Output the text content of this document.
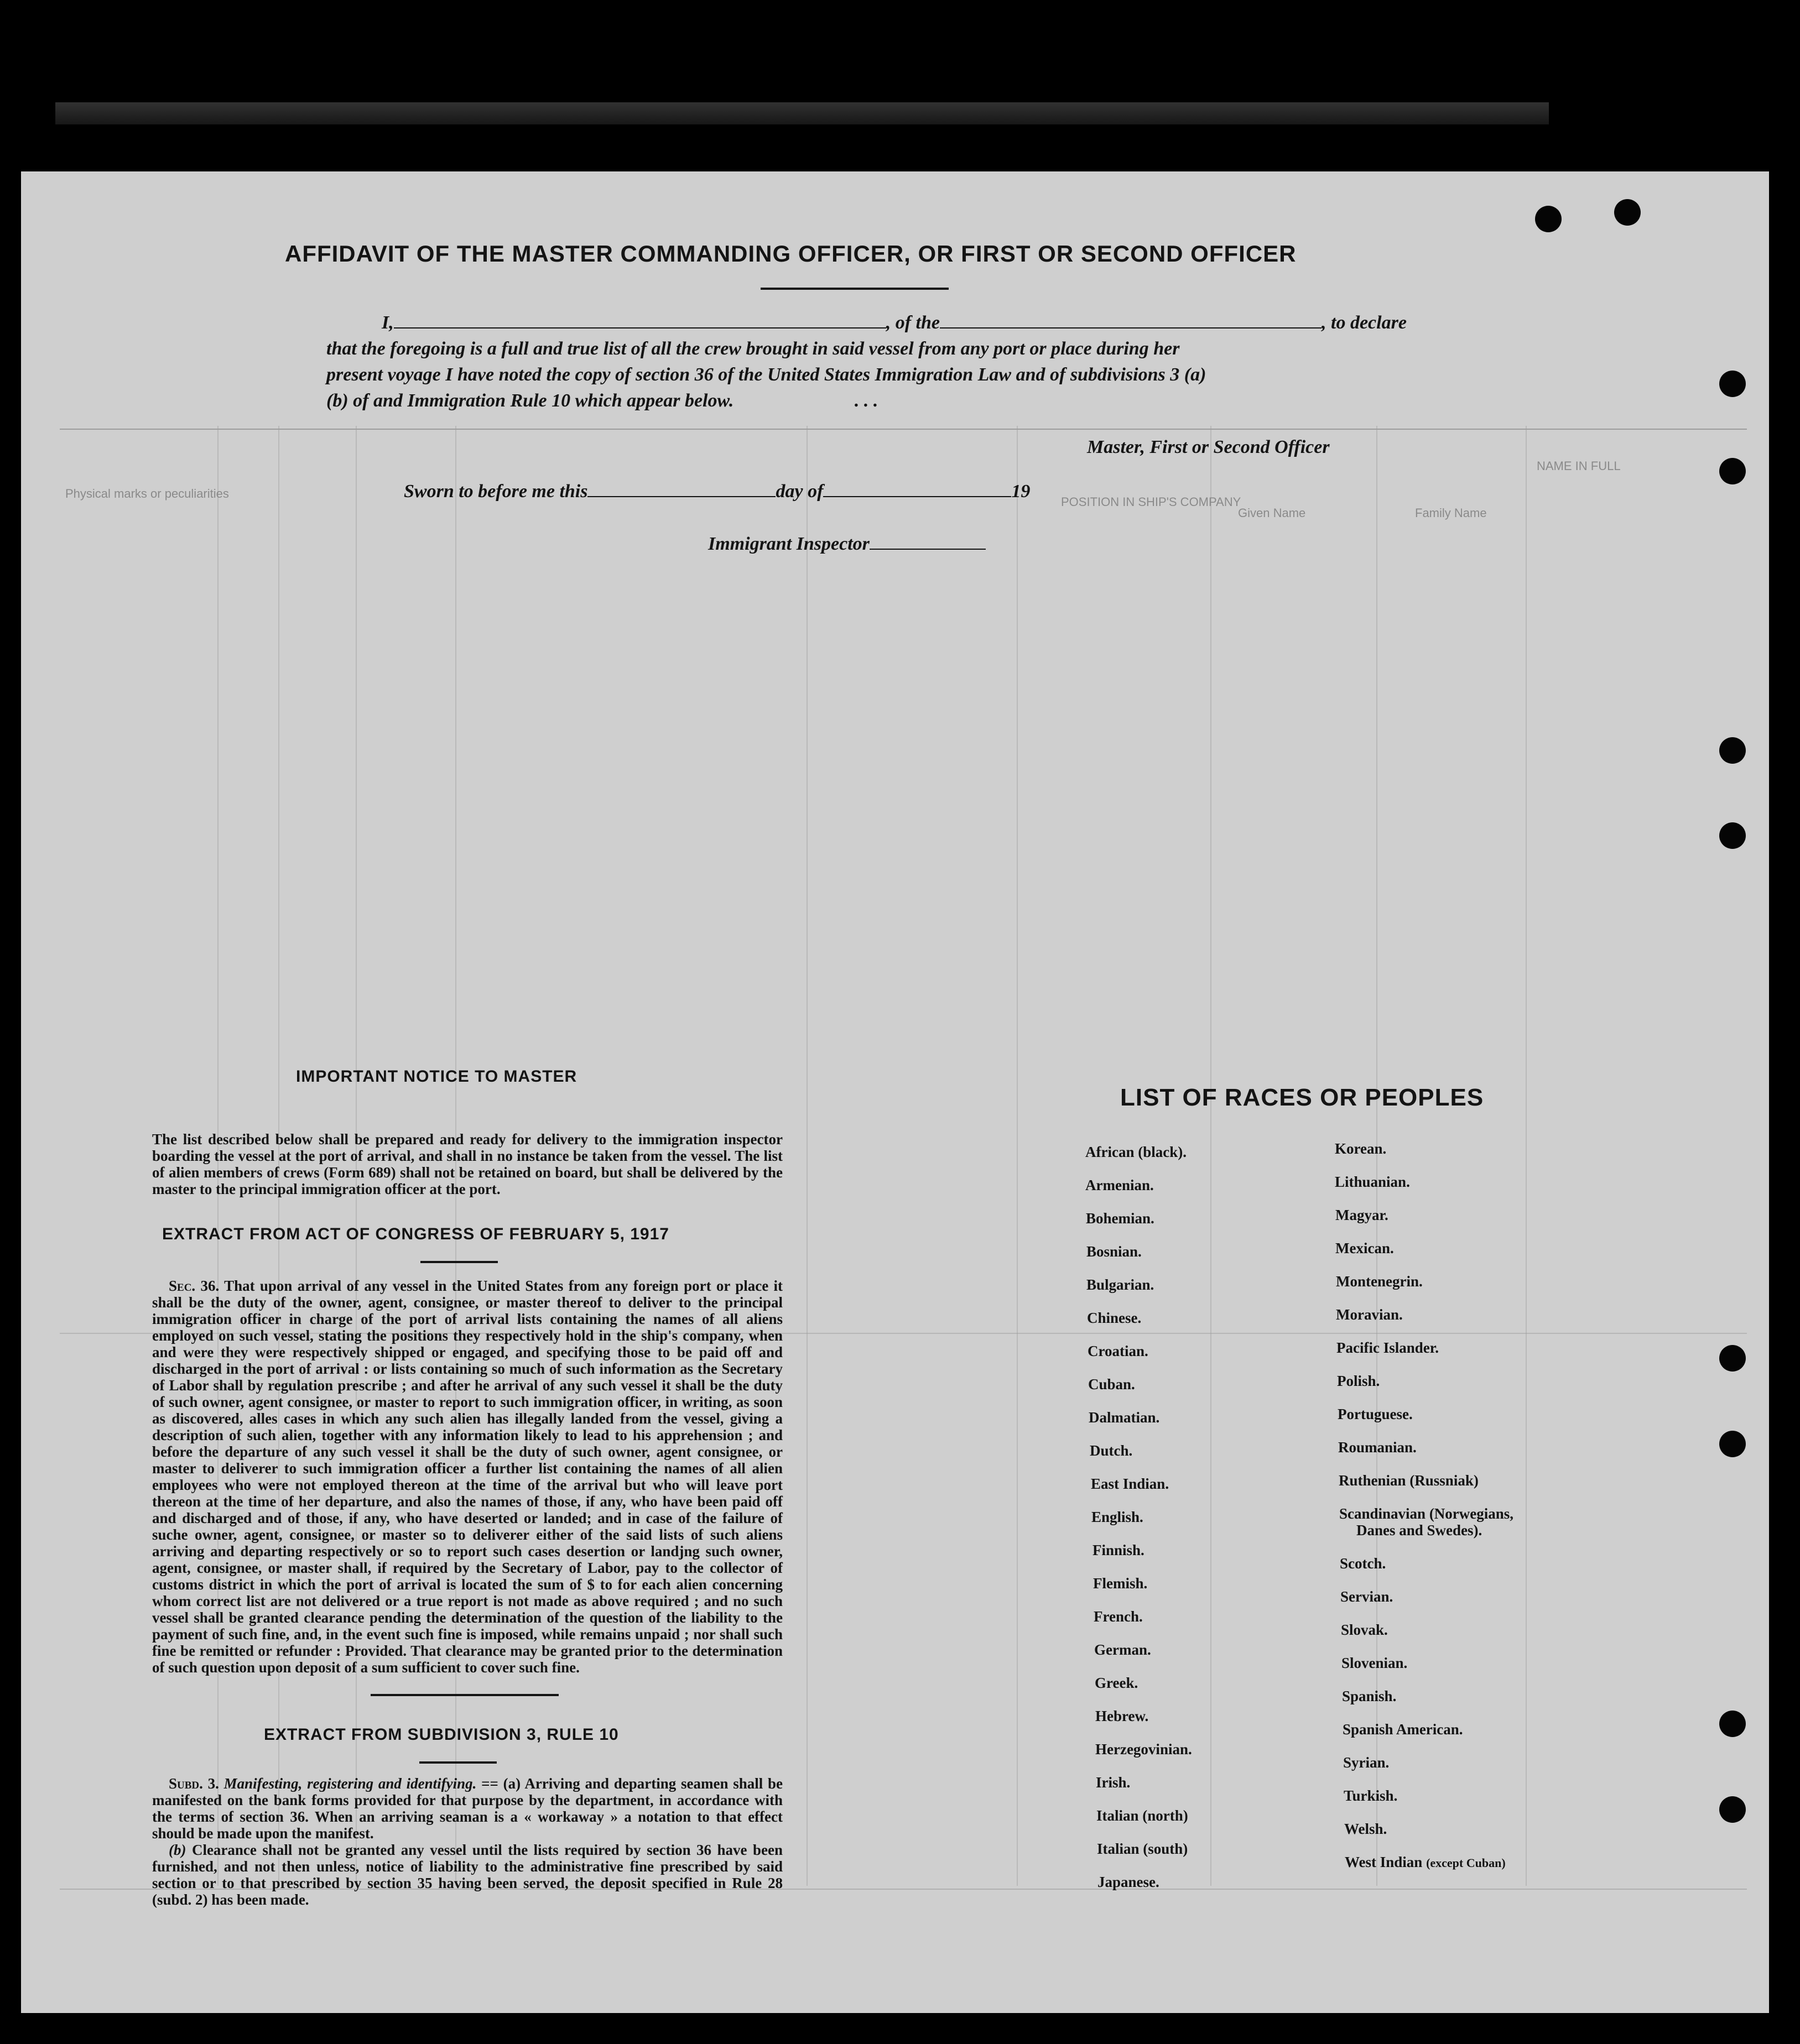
Physical marks or peculiarities
POSITION IN SHIP'S COMPANY
Given Name	Family Name
NAME IN FULL
AFFIDAVIT OF THE MASTER COMMANDING OFFICER, OR FIRST OR SECOND OFFICER
I,	, of the	, to declare
that the foregoing is a full and true list of all the crew brought in said vessel from any port or place during her
present voyage I have noted the copy of section 36 of the United States Immigration Law and of subdivisions 3 (a)
(b) of and Immigration Rule 10 which appear below.	. . .
Master, First or Second Officer
Sworn to before me this	day of	19
Immigrant Inspector
IMPORTANT NOTICE TO MASTER

The list described below shall be prepared and ready for delivery to the immigration inspector boarding the vessel at the port of arrival, and shall in no instance be taken from the vessel. The list of alien members of crews (Form 689) shall not be retained on board, but shall be delivered by the master to the principal immigration officer at the port.

EXTRACT FROM ACT OF CONGRESS OF FEBRUARY 5, 1917

Sec. 36. That upon arrival of any vessel in the United States from any foreign port or place it shall be the duty of the owner, agent, consignee, or master thereof to deliver to the principal immigration officer in charge of the port of arrival lists containing the names of all aliens employed on such vessel, stating the positions they respectively hold in the ship's company, when and were they were respectively shipped or engaged, and specifying those to be paid off and discharged in the port of arrival : or lists containing so much of such information as the Secretary of Labor shall by regulation prescribe ; and after he arrival of any such vessel it shall be the duty of such owner, agent consignee, or master to report to such immigration officer, in writing, as soon as discovered, alles cases in which any such alien has illegally landed from the vessel, giving a description of such alien, together with any information likely to lead to his apprehension ; and before the departure of any such vessel it shall be the duty of such owner, agent consignee, or master to deliverer to such immigration officer a further list containing the names of all alien employees who were not employed thereon at the time of the arrival but who will leave port thereon at the time of her departure, and also the names of those, if any, who have been paid off and discharged and of those, if any, who have deserted or landed; and in case of the failure of suche owner, agent, consignee, or master so to deliverer either of the said lists of such aliens arriving and departing respectively or so to report such cases desertion or landjng such owner, agent, consignee, or master shall, if required by the Secretary of Labor, pay to the collector of customs district in which the port of arrival is located the sum of $ to for each alien concerning whom correct list are not delivered or a true report is not made as above required ; and no such vessel shall be granted clearance pending the determination of the question of the liability to the payment of such fine, and, in the event such fine is imposed, while remains unpaid ; nor shall such fine be remitted or refunder : Provided. That clearance may be granted prior to the determination of such question upon deposit of a sum sufficient to cover such fine.

EXTRACT FROM SUBDIVISION 3, RULE 10

Subd. 3. Manifesting, registering and identifying. == (a) Arriving and departing seamen shall be manifested on the bank forms provided for that purpose by the department, in accordance with the terms of section 36. When an arriving seaman is a « workaway » a notation to that effect should be made upon the manifest.

(b) Clearance shall not be granted any vessel until the lists required by section 36 have been furnished, and not then unless, notice of liability to the administrative fine prescribed by said section or to that prescribed by section 35 having been served, the deposit specified in Rule 28 (subd. 2) has been made.

LIST OF RACES OR PEOPLES
African (black).
Armenian.
Bohemian.
Bosnian.
Bulgarian.
Chinese.
Croatian.
Cuban.
Dalmatian.
Dutch.
East Indian.
English.
Finnish.
Flemish.
French.
German.
Greek.
Hebrew.
Herzegovinian.
Irish.
Italian (north)
Italian (south)
Japanese.
Korean.
Lithuanian.
Magyar.
Mexican.
Montenegrin.
Moravian.
Pacific Islander.
Polish.
Portuguese.
Roumanian.
Ruthenian (Russniak)
Scandinavian (Norwegians,
Danes and Swedes).
Scotch.
Servian.
Slovak.
Slovenian.
Spanish.
Spanish American.
Syrian.
Turkish.
Welsh.
West Indian (except Cuban)
